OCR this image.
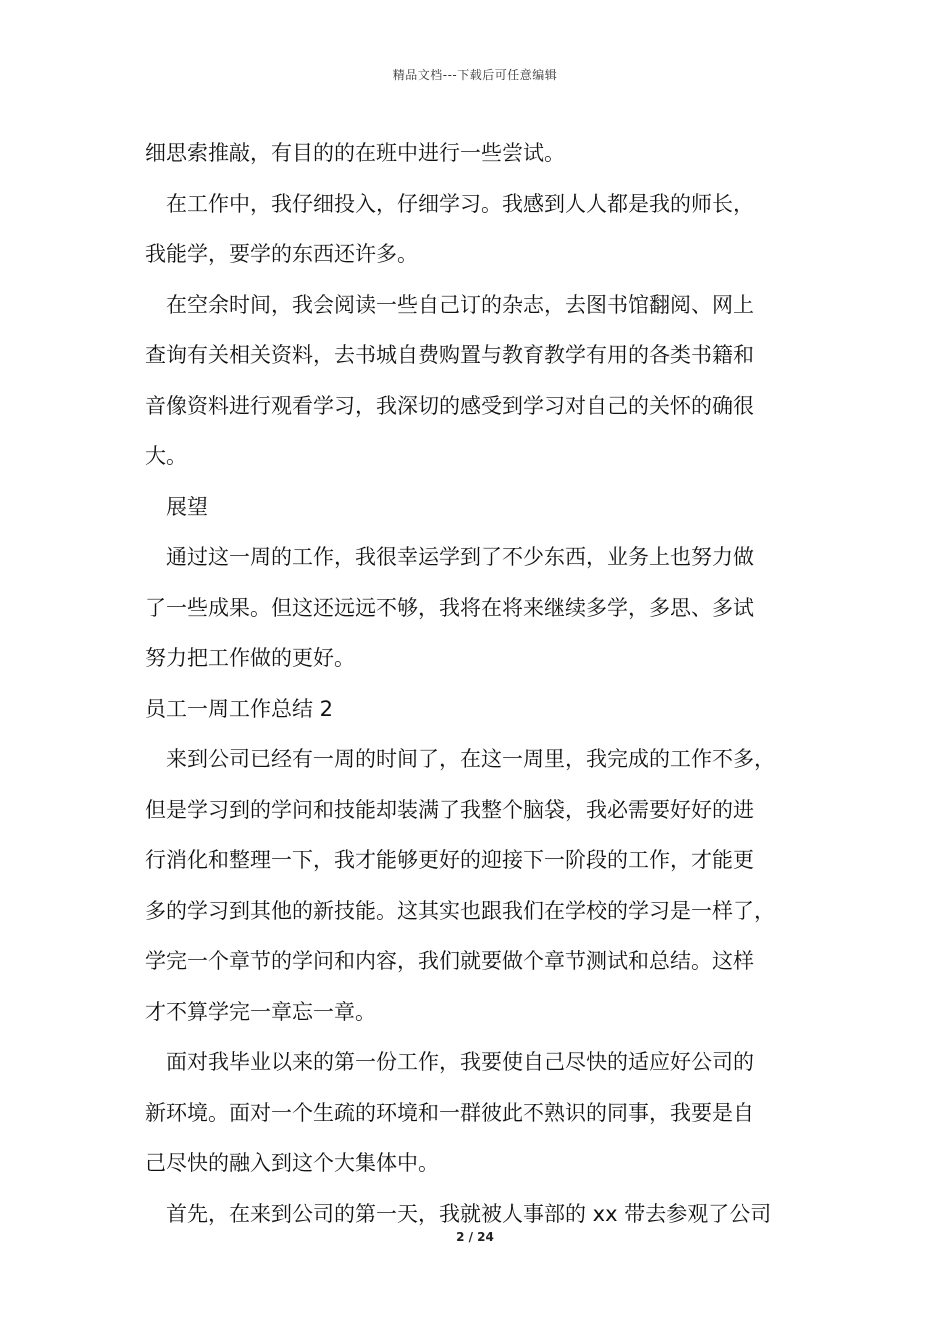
精品文档---下载后可任意编辑
细思索推敲，有目的的在班中进行一些尝试。
在工作中，我仔细投入，仔细学习。我感到人人都是我的师长，
我能学，要学的东西还许多。
在空余时间，我会阅读一些自己订的杂志，去图书馆翻阅、网上
查询有关相关资料，去书城自费购置与教育教学有用的各类书籍和
音像资料进行观看学习，我深切的感受到学习对自己的关怀的确很
大。
展望
通过这一周的工作，我很幸运学到了不少东西，业务上也努力做
了一些成果。但这还远远不够，我将在将来继续多学，多思、多试
努力把工作做的更好。
员工一周工作总结 2
来到公司已经有一周的时间了，在这一周里，我完成的工作不多，
但是学习到的学问和技能却装满了我整个脑袋，我必需要好好的进
行消化和整理一下，我才能够更好的迎接下一阶段的工作，才能更
多的学习到其他的新技能。这其实也跟我们在学校的学习是一样了，
学完一个章节的学问和内容，我们就要做个章节测试和总结。这样
才不算学完一章忘一章。
面对我毕业以来的第一份工作，我要使自己尽快的适应好公司的
新环境。面对一个生疏的环境和一群彼此不熟识的同事，我要是自
己尽快的融入到这个大集体中。
首先，在来到公司的第一天，我就被人事部的 xx 带去参观了公司
2 / 24
